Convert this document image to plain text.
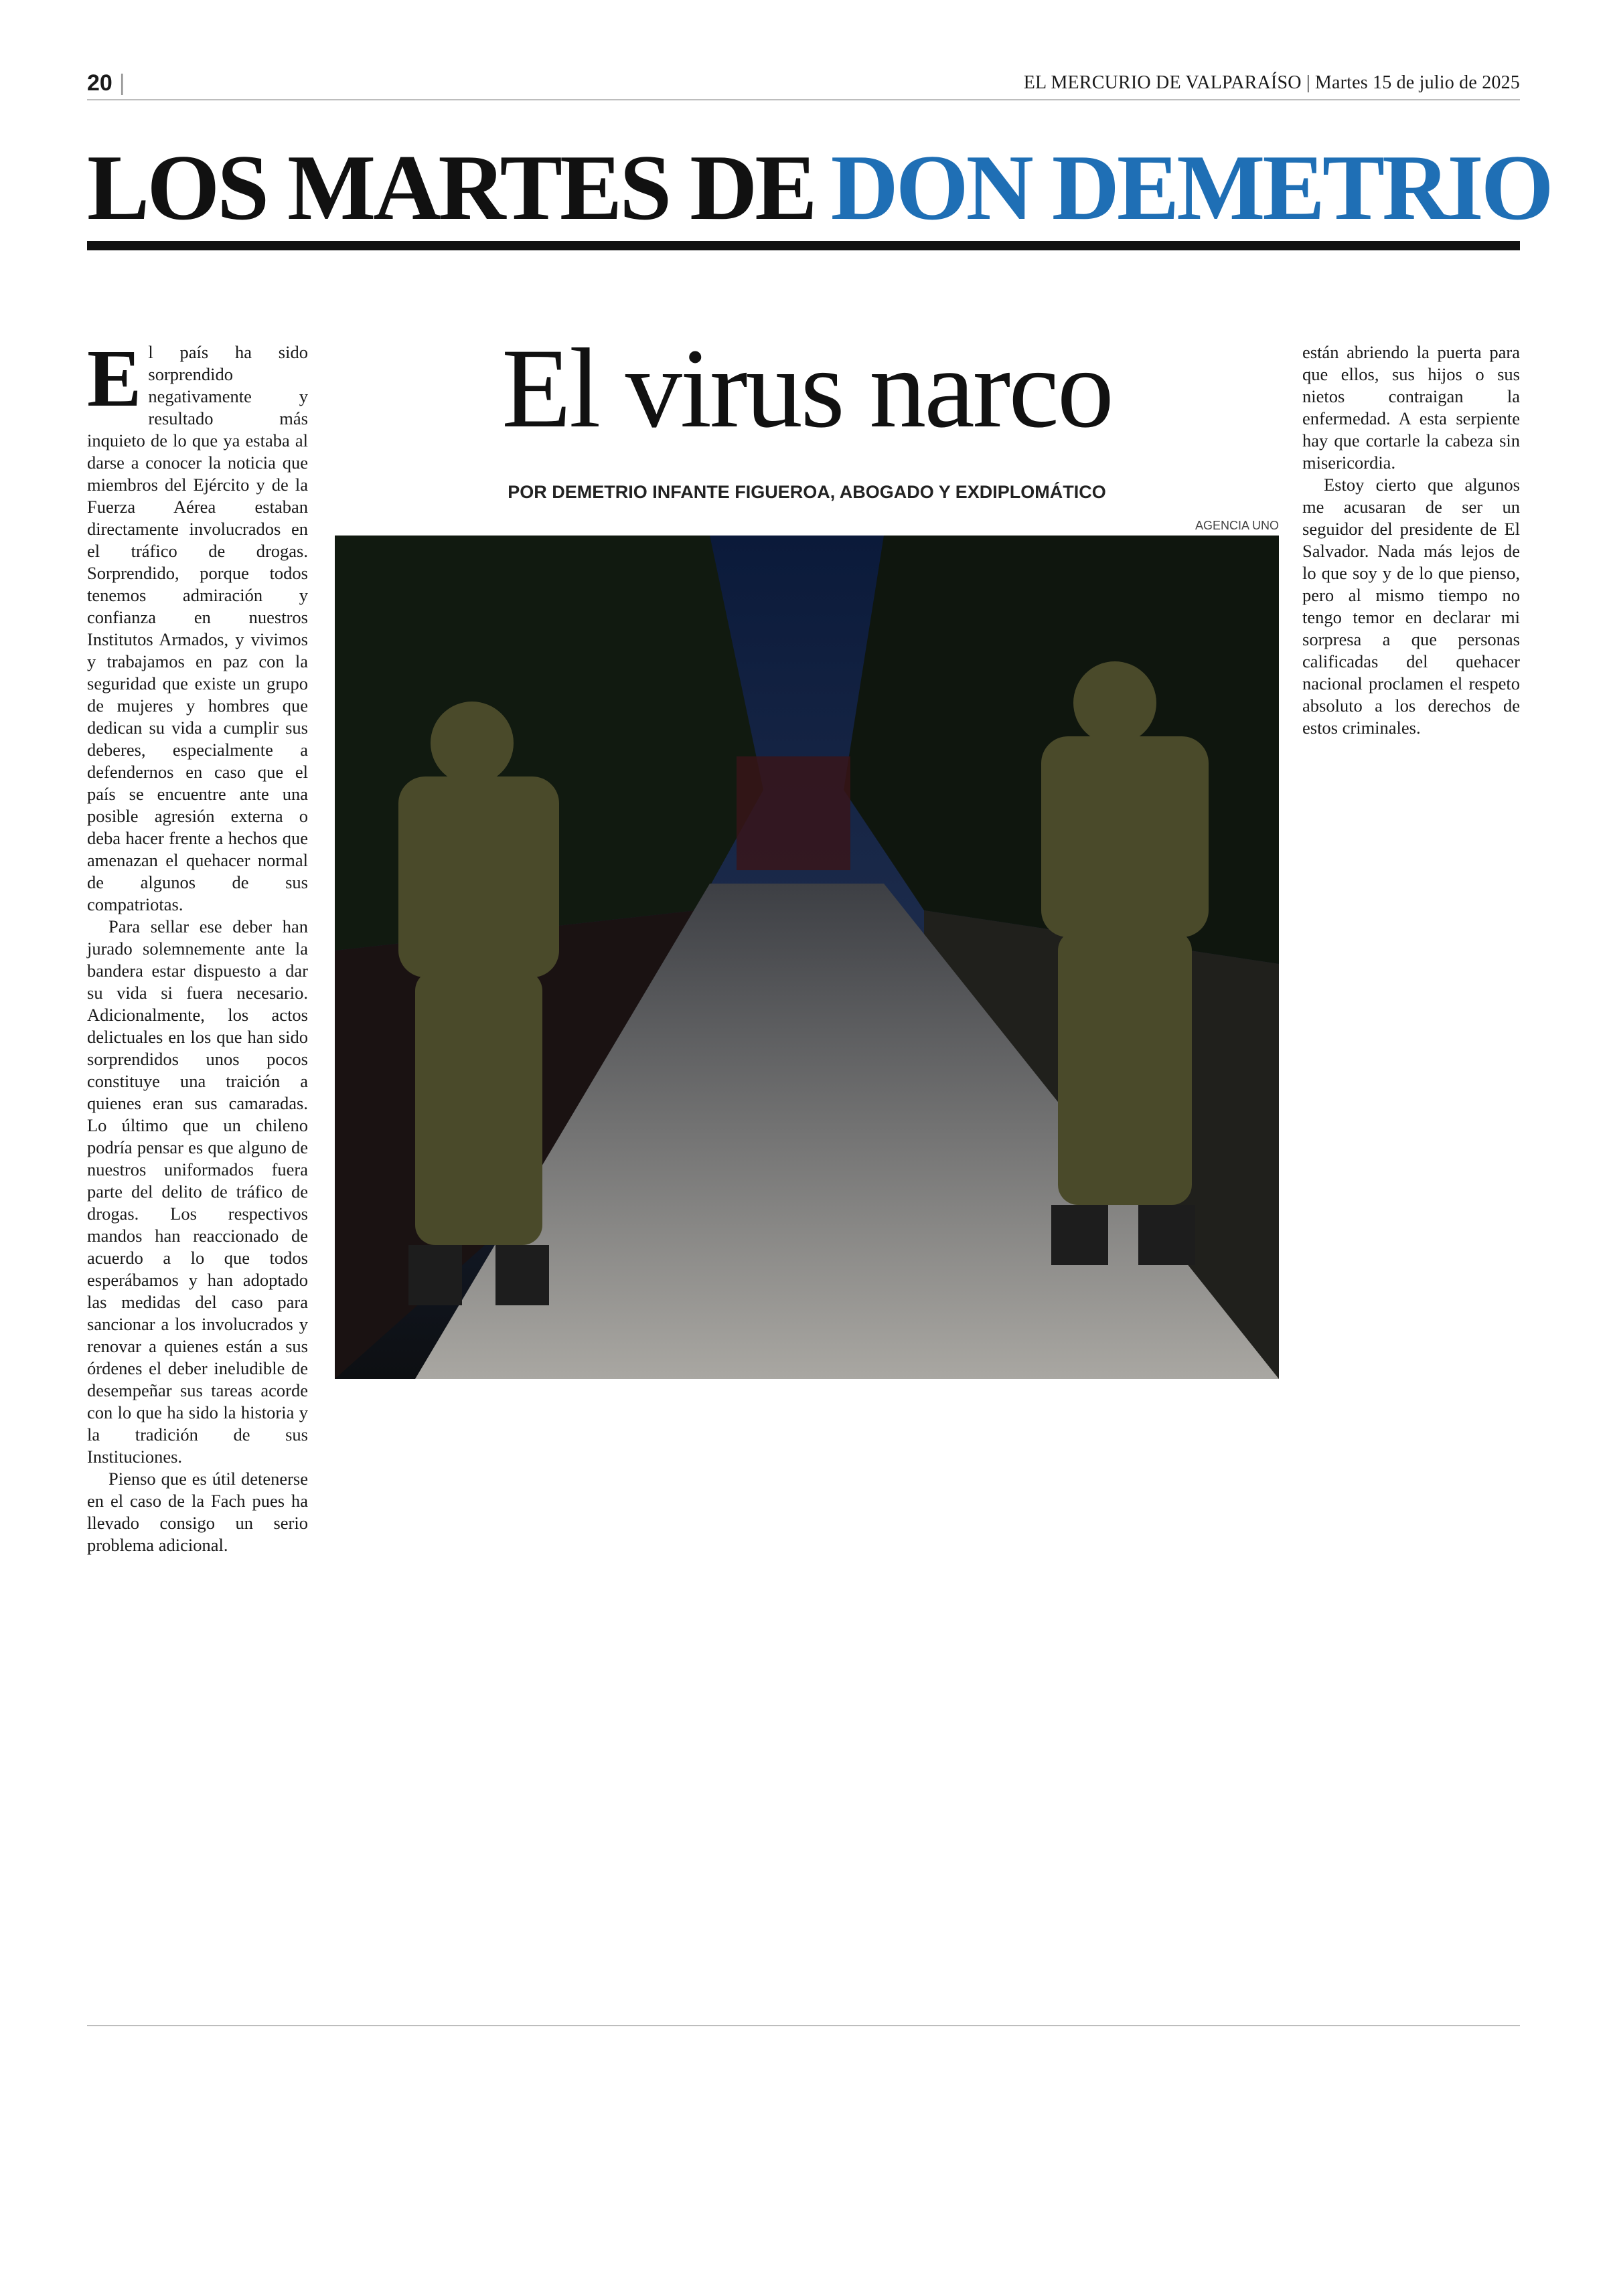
20 |	EL MERCURIO DE VALPARAÍSO | Martes 15 de julio de 2025
LOS MARTES DE DON DEMETRIO
El virus narco
POR DEMETRIO INFANTE FIGUEROA, ABOGADO Y EXDIPLOMÁTICO
AGENCIA UNO

El país ha sido sorprendido negativamente y resultado más inquieto de lo que ya estaba al darse a conocer la noticia que miembros del Ejército y de la Fuerza Aérea estaban directamente involucrados en el tráfico de drogas. Sorprendido, porque todos tenemos admiración y confianza en nuestros Institutos Armados, y vivimos y trabajamos en paz con la seguridad que existe un grupo de mujeres y hombres que dedican su vida a cumplir sus deberes, especialmente a defendernos en caso que el país se encuentre ante una posible agresión externa o deba hacer frente a hechos que amenazan el quehacer normal de algunos de sus compatriotas.

Para sellar ese deber han jurado solemnemente ante la bandera estar dispuesto a dar su vida si fuera necesario. Adicionalmente, los actos delictuales en los que han sido sorprendidos unos pocos constituye una traición a quienes eran sus camaradas. Lo último que un chileno podría pensar es que alguno de nuestros uniformados fuera parte del delito de tráfico de drogas. Los respectivos mandos han reaccionado de acuerdo a lo que todos esperábamos y han adoptado las medidas del caso para sancionar a los involucrados y renovar a quienes están a sus órdenes el deber ineludible de desempeñar sus tareas acorde con lo que ha sido la historia y la tradición de sus Instituciones.

Pienso que es útil detenerse en el caso de la Fach pues ha llevado consigo un serio problema adicional.

están abriendo la puerta para que ellos, sus hijos o sus nietos contraigan la enfermedad. A esta serpiente hay que cortarle la cabeza sin misericordia.

Estoy cierto que algunos me acusaran de ser un seguidor del presidente de El Salvador. Nada más lejos de lo que soy y de lo que pienso, pero al mismo tiempo no tengo temor en declarar mi sorpresa a que personas calificadas del quehacer nacional proclamen el respeto absoluto a los derechos de estos criminales.
